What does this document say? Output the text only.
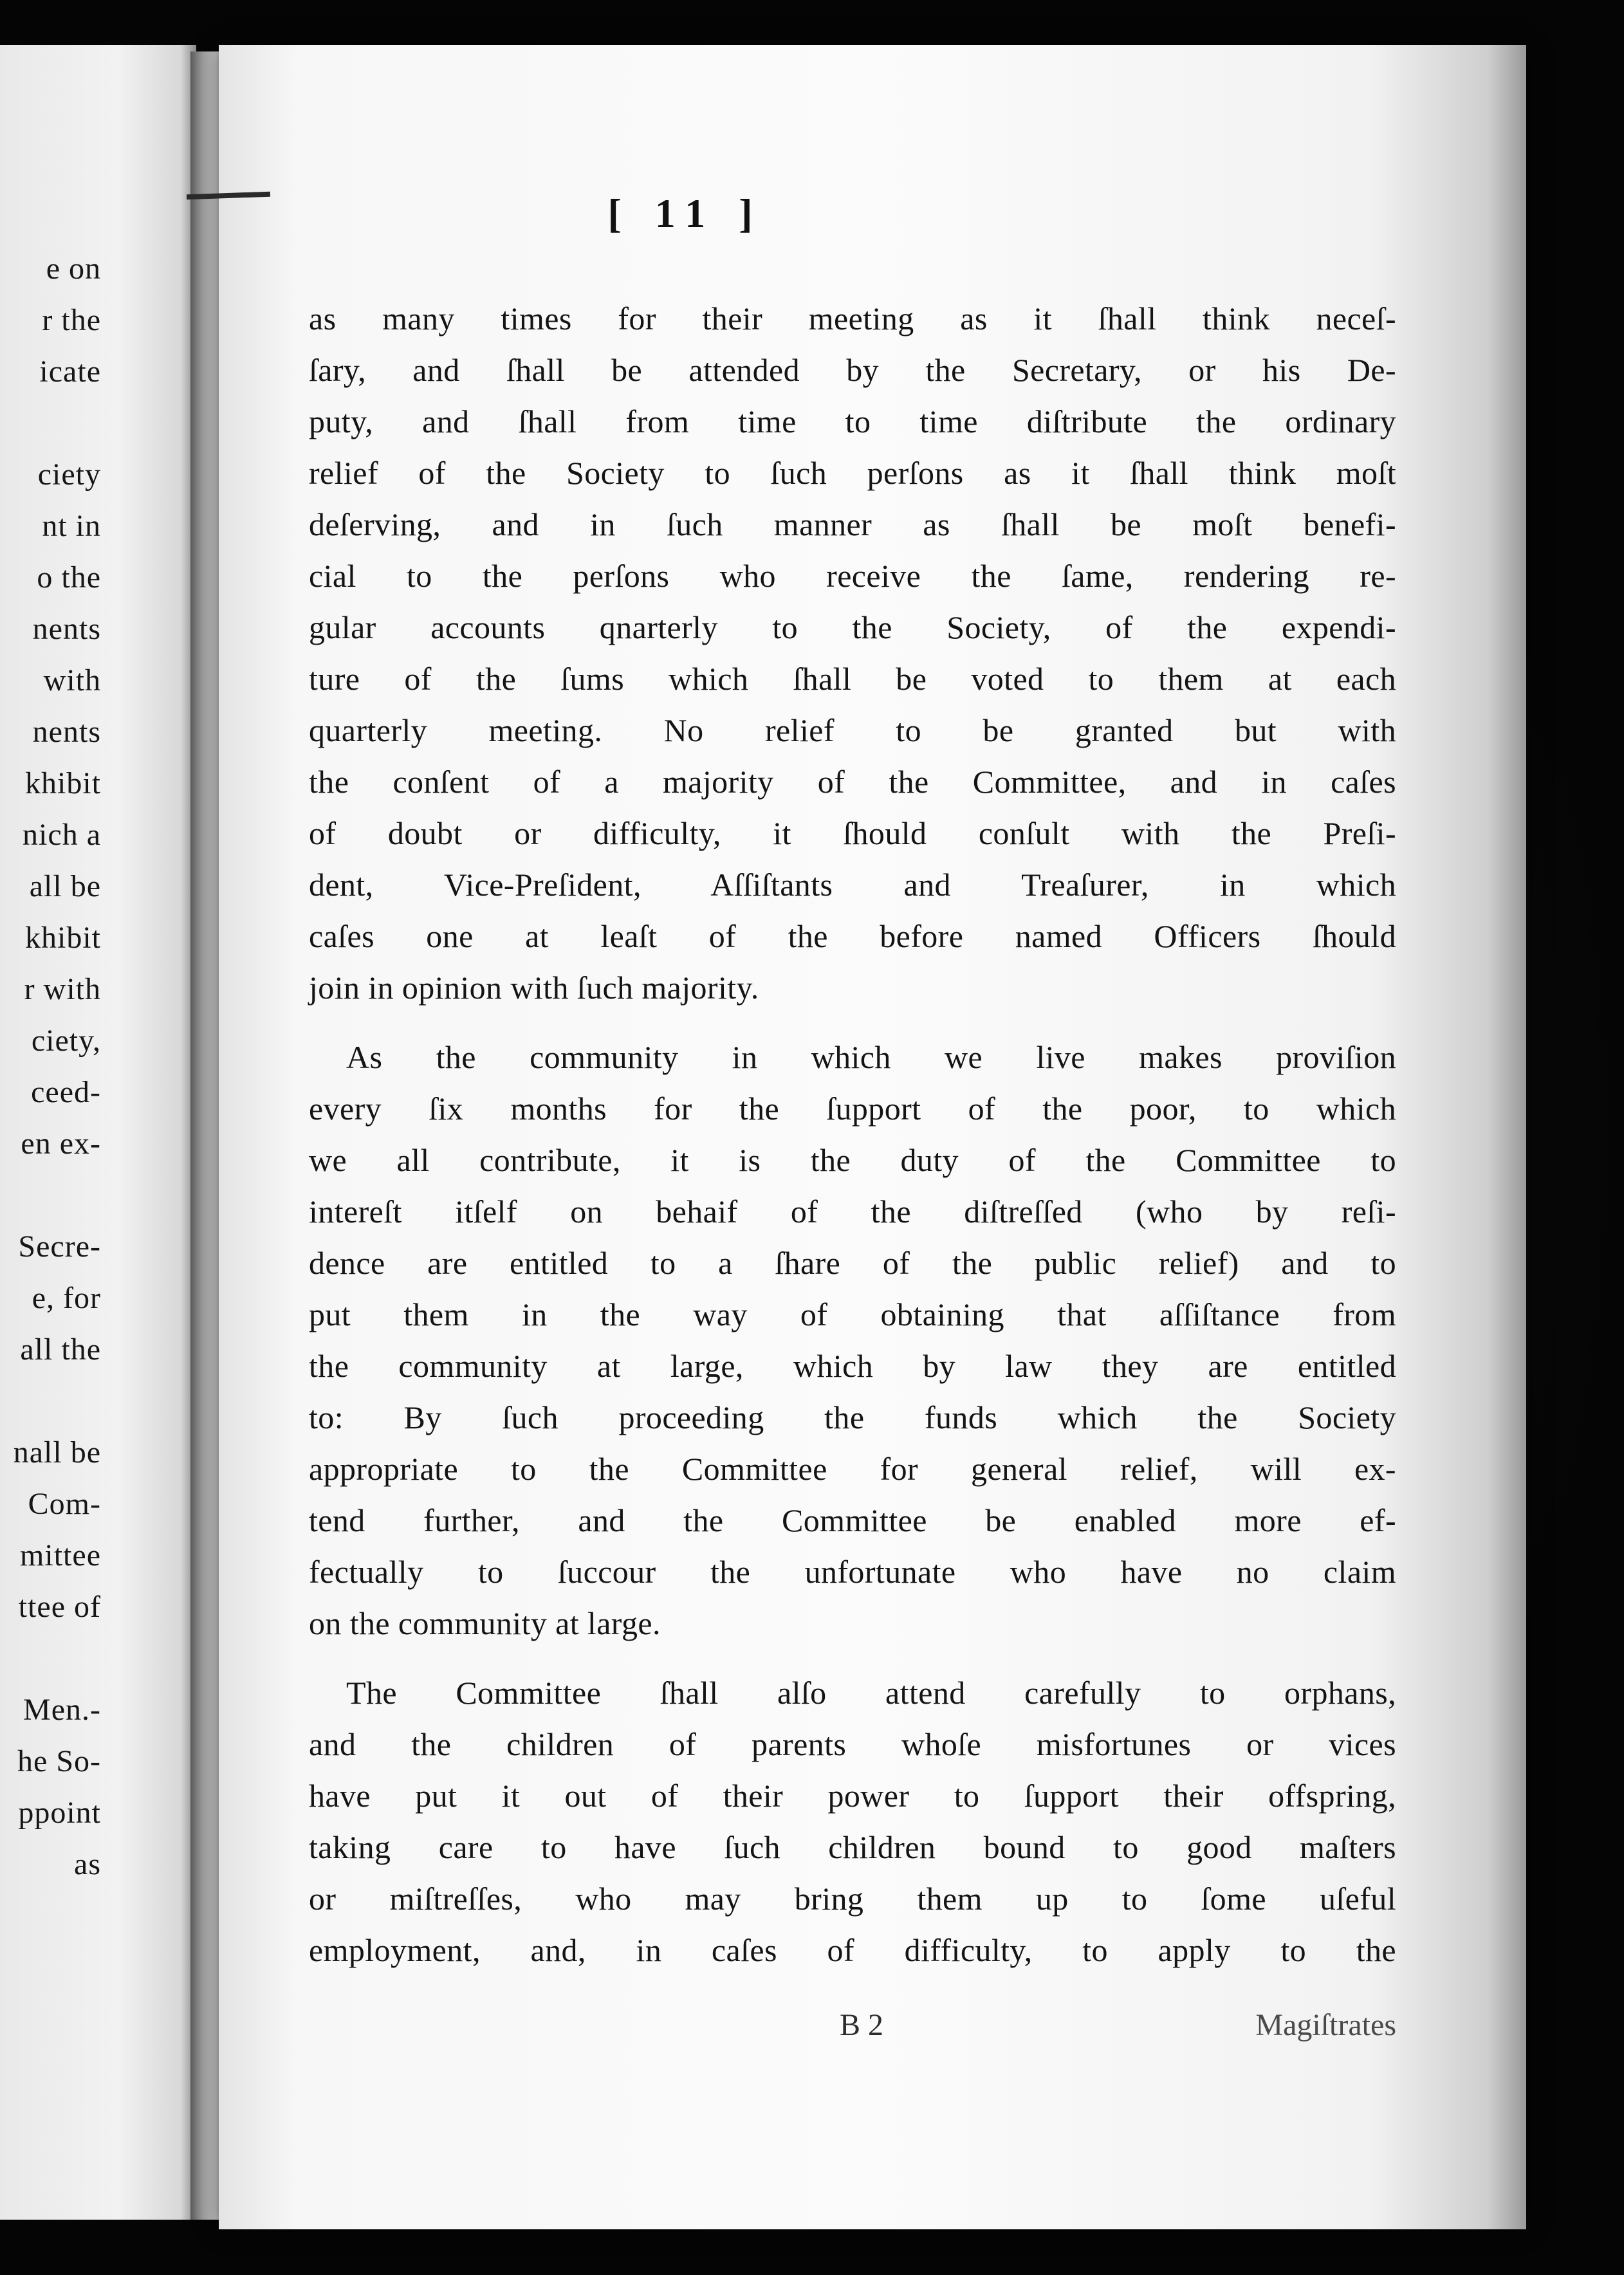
e on
r the
icate
ciety
nt in
o the
nents
with
nents
khibit
nich a
all be
khibit
r with
ciety,
ceed-
en ex-
Secre-
e, for
all the
nall be
Com-
mittee
ttee of
Men.-
he So-
ppoint
as
[ 11 ]
as many times for their meeting as it ſhall think neceſ-
ſary, and ſhall be attended by the Secretary, or his De-
puty, and ſhall from time to time diſtribute the ordinary
relief of the Society to ſuch perſons as it ſhall think moſt
deſerving, and in ſuch manner as ſhall be moſt benefi-
cial to the perſons who receive the ſame, rendering re-
gular accounts qnarterly to the Society, of the expendi-
ture of the ſums which ſhall be voted to them at each
quarterly meeting. No relief to be granted but with
the conſent of a majority of the Committee, and in caſes
of doubt or difficulty, it ſhould conſult with the Preſi-
dent, Vice-Preſident, Aſſiſtants and Treaſurer, in which
caſes one at leaſt of the before named Officers ſhould
join in opinion with ſuch majority.
As the community in which we live makes proviſion
every ſix months for the ſupport of the poor, to which
we all contribute, it is the duty of the Committee to
intereſt itſelf on behaif of the diſtreſſed (who by reſi-
dence are entitled to a ſhare of the public relief) and to
put them in the way of obtaining that aſſiſtance from
the community at large, which by law they are entitled
to: By ſuch proceeding the funds which the Society
appropriate to the Committee for general relief, will ex-
tend further, and the Committee be enabled more ef-
fectually to ſuccour the unfortunate who have no claim
on the community at large.
The Committee ſhall alſo attend carefully to orphans,
and the children of parents whoſe misfortunes or vices
have put it out of their power to ſupport their offspring,
taking care to have ſuch children bound to good maſters
or miſtreſſes, who may bring them up to ſome uſeful
employment, and, in caſes of difficulty, to apply to the
B 2	Magiſtrates
